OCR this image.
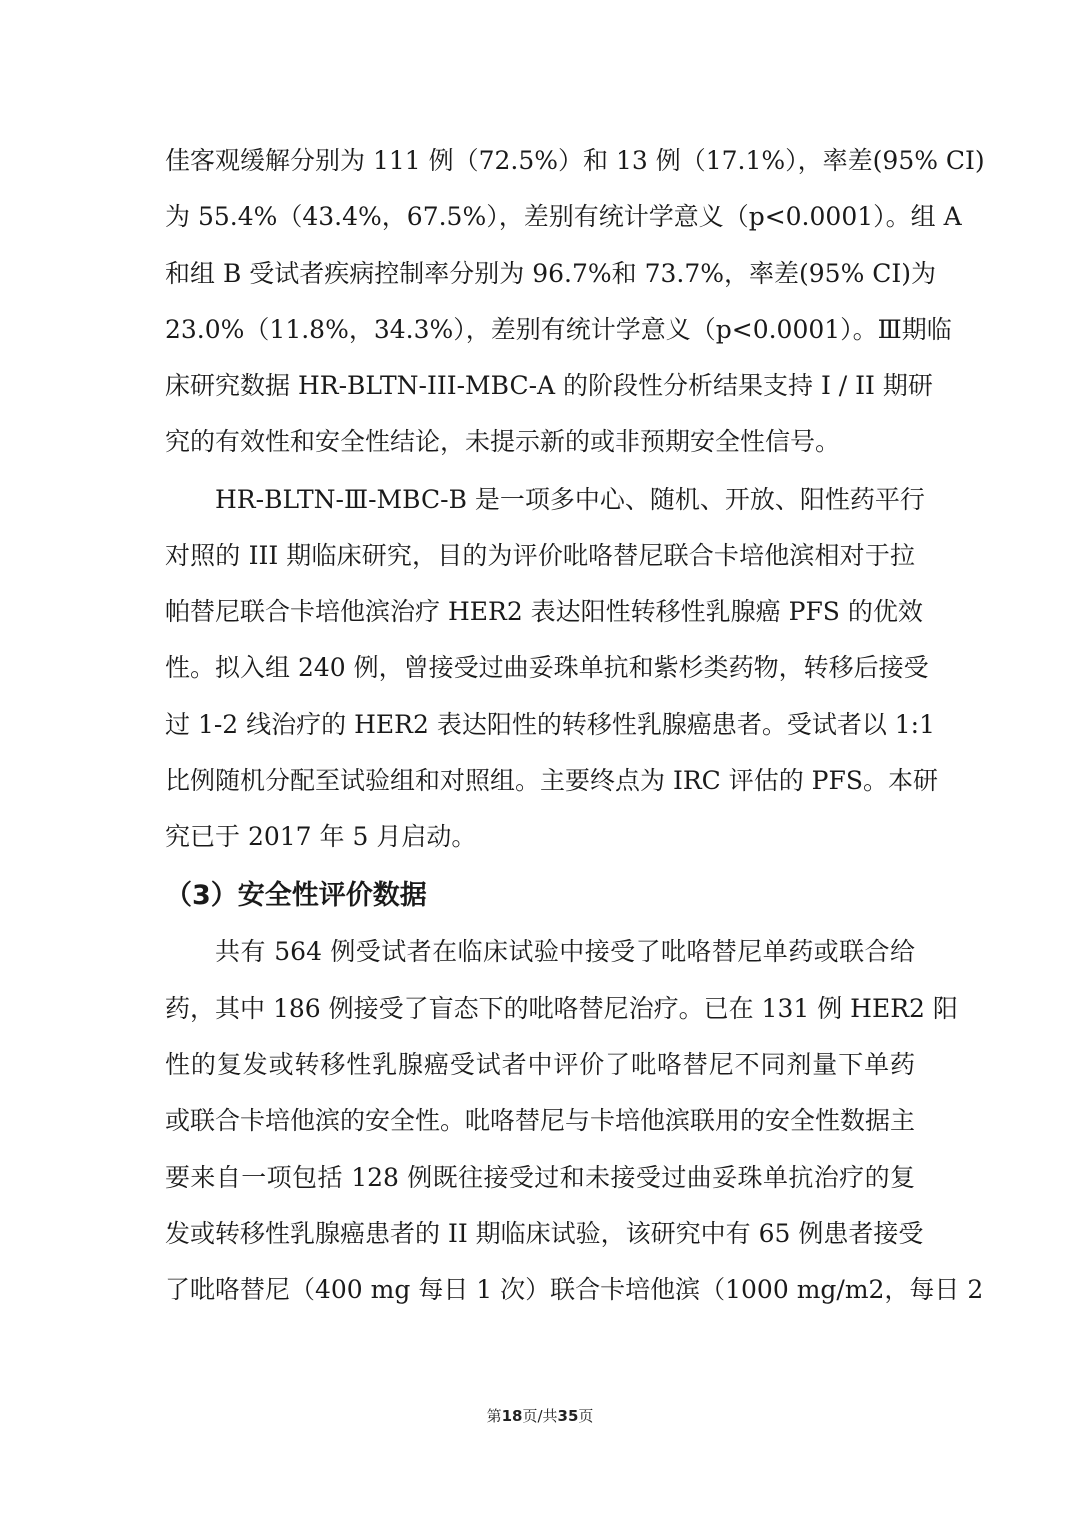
佳客观缓解分别为 111 例（72.5%）和 13 例（17.1%），率差(95% CI)
为 55.4%（43.4%，67.5%），差别有统计学意义（p<0.0001）。组 A
和组 B 受试者疾病控制率分别为 96.7%和 73.7%，率差(95% CI)为
23.0%（11.8%，34.3%），差别有统计学意义（p<0.0001）。Ⅲ期临
床研究数据 HR-BLTN-III-MBC-A 的阶段性分析结果支持 I / II 期研
究的有效性和安全性结论，未提示新的或非预期安全性信号。
HR-BLTN-Ⅲ-MBC-B 是一项多中心、随机、开放、阳性药平行
对照的 III 期临床研究，目的为评价吡咯替尼联合卡培他滨相对于拉
帕替尼联合卡培他滨治疗 HER2 表达阳性转移性乳腺癌 PFS 的优效
性。拟入组 240 例，曾接受过曲妥珠单抗和紫杉类药物，转移后接受
过 1-2 线治疗的 HER2 表达阳性的转移性乳腺癌患者。受试者以 1:1
比例随机分配至试验组和对照组。主要终点为 IRC 评估的 PFS。本研
究已于 2017 年 5 月启动。
（3）安全性评价数据
共有 564 例受试者在临床试验中接受了吡咯替尼单药或联合给
药，其中 186 例接受了盲态下的吡咯替尼治疗。已在 131 例 HER2 阳
性的复发或转移性乳腺癌受试者中评价了吡咯替尼不同剂量下单药
或联合卡培他滨的安全性。吡咯替尼与卡培他滨联用的安全性数据主
要来自一项包括 128 例既往接受过和未接受过曲妥珠单抗治疗的复
发或转移性乳腺癌患者的 II 期临床试验，该研究中有 65 例患者接受
了吡咯替尼（400 mg 每日 1 次）联合卡培他滨（1000 mg/m2，每日 2
第18页/共35页
